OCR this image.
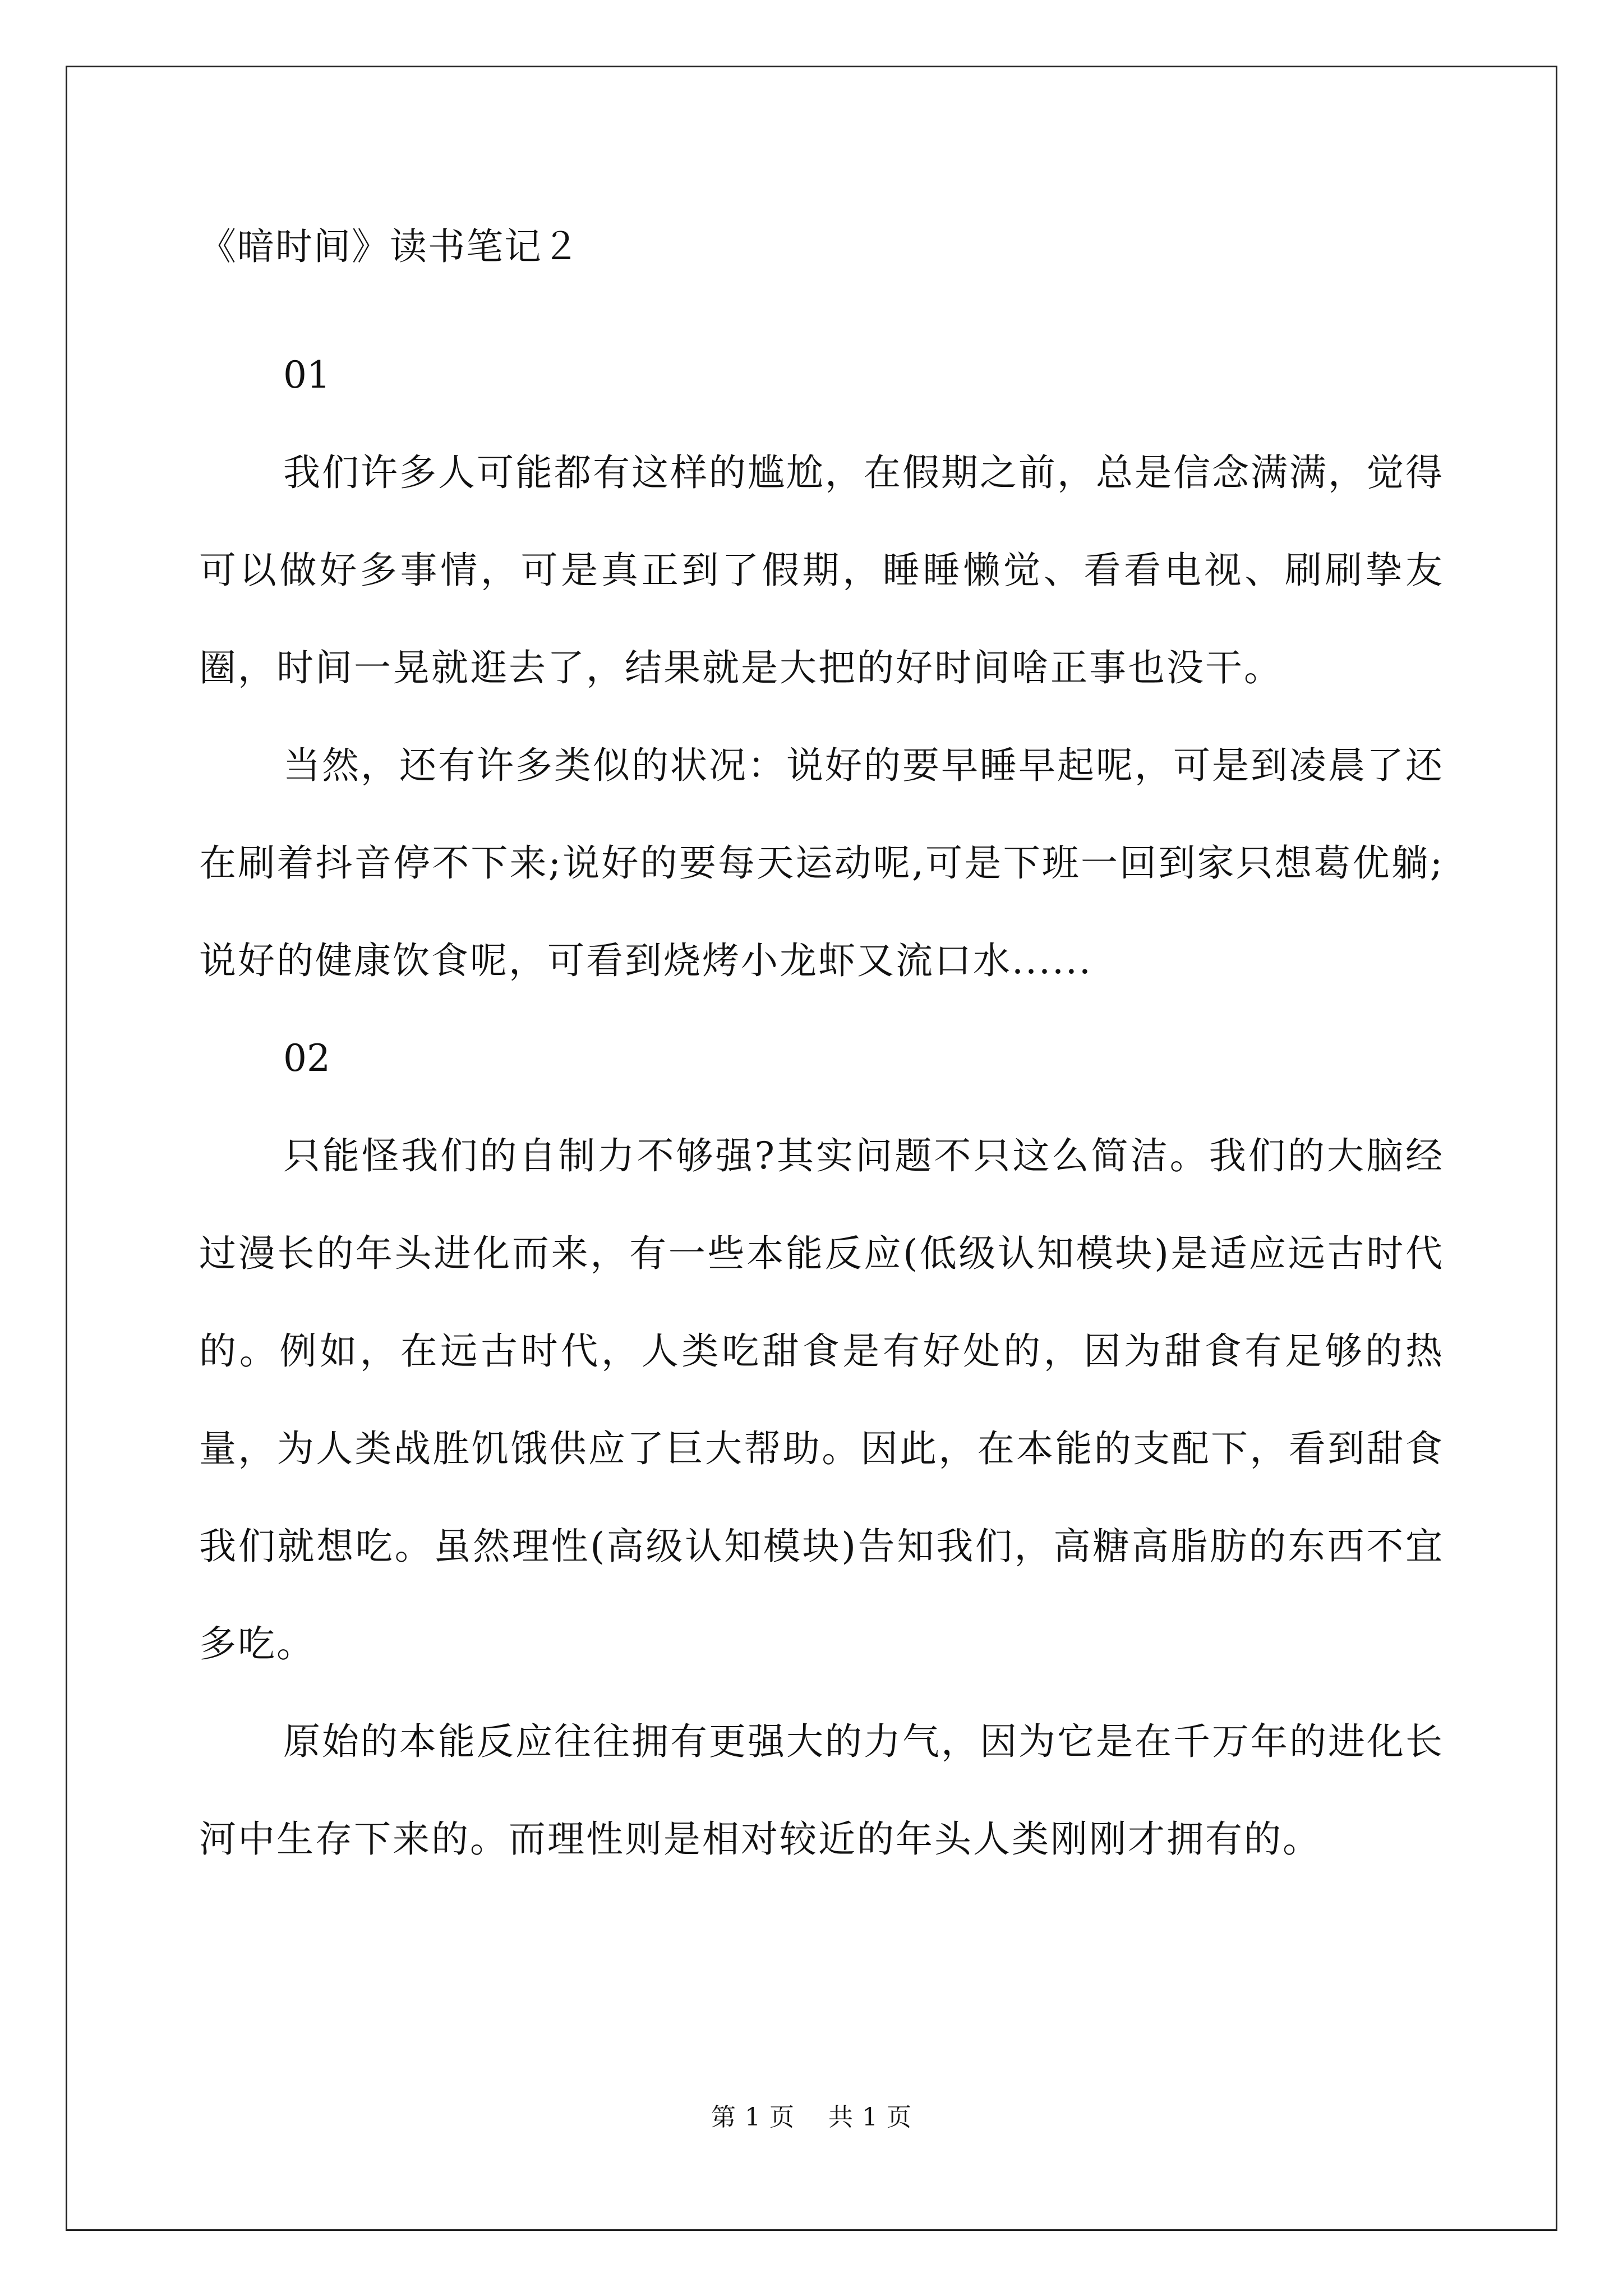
《暗时间》读书笔记２

01

我们许多人可能都有这样的尴尬，在假期之前，总是信念满满，觉得可以做好多事情，可是真正到了假期，睡睡懒觉、看看电视、刷刷挚友圈，时间一晃就逛去了，结果就是大把的好时间啥正事也没干。

当然，还有许多类似的状况：说好的要早睡早起呢，可是到凌晨了还在刷着抖音停不下来;说好的要每天运动呢,可是下班一回到家只想葛优躺;说好的健康饮食呢，可看到烧烤小龙虾又流口水......

02

只能怪我们的自制力不够强?其实问题不只这么简洁。我们的大脑经过漫长的年头进化而来，有一些本能反应(低级认知模块)是适应远古时代的。例如，在远古时代，人类吃甜食是有好处的，因为甜食有足够的热量，为人类战胜饥饿供应了巨大帮助。因此，在本能的支配下，看到甜食我们就想吃。虽然理性(高级认知模块)告知我们，高糖高脂肪的东西不宜多吃。

原始的本能反应往往拥有更强大的力气，因为它是在千万年的进化长河中生存下来的。而理性则是相对较近的年头人类刚刚才拥有的。

第 1 页 共 1 页
